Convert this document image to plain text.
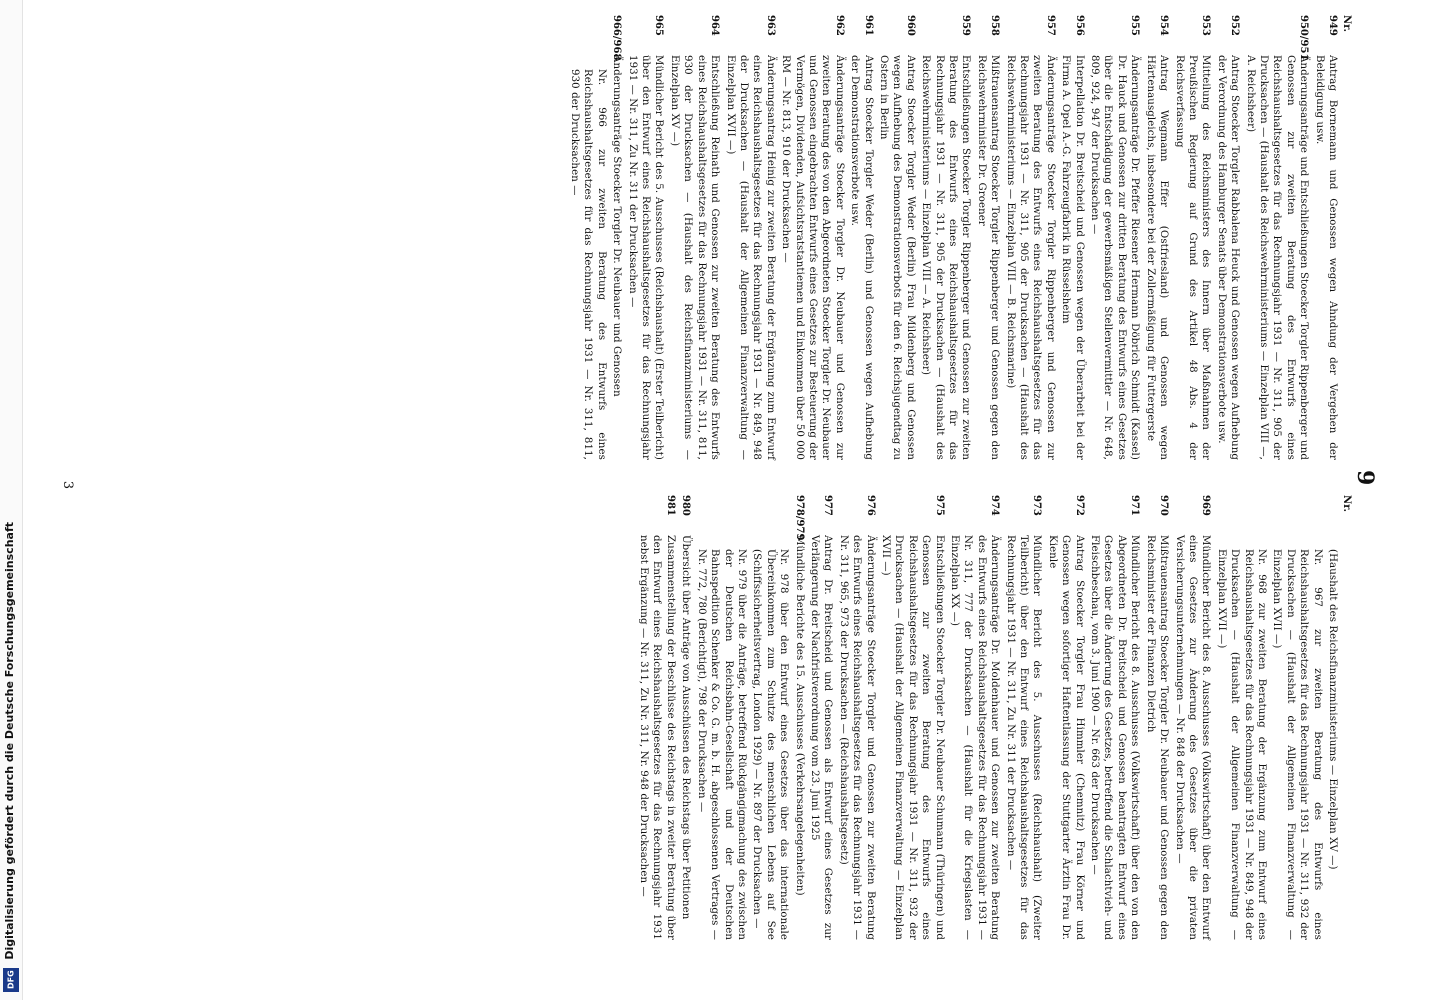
DFG
Digitalisierung gefördert durch die Deutsche Forschungsgemeinschaft
9
Nr.
949
Antrag Bornemann und Genossen wegen Ahndung der Vergehen der Beleidigung usw.
950/951
Änderungsanträge und Entschließungen Stoecker Torgler Rippenberger und Genossen zur zweiten Beratung des Entwurfs eines Reichshaushaltsgesetzes für das Rechnungsjahr 1931 — Nr. 311, 905 der Drucksachen — (Haushalt des Reichswehrministeriums — Einzelplan VIII —, A. Reichsheer)
952
Antrag Stoecker Torgler Rabbalena Heuck und Genossen wegen Aufhebung der Verordnung des Hamburger Senats über Demonstrationsverbote usw.
953
Mitteilung des Reichsministers des Innern über Maßnahmen der Preußischen Regierung auf Grund des Artikel 48 Abs. 4 der Reichsverfassung
954
Antrag Wegmann Effer (Ostfriesland) und Genossen wegen Härtenausgleichs, insbesondere bei der Zollermäßigung für Futtergerste
955
Änderungsanträge Dr. Pfeffer Riesener Hermann Döbrich Schmidt (Kassel) Dr. Hauck und Genossen zur dritten Beratung des Entwurfs eines Gesetzes über die Entschädigung der gewerbsmäßigen Stellenvermittler — Nr. 648, 809, 924, 947 der Drucksachen —
956
Interpellation Dr. Breitscheid und Genossen wegen der Überarbeit bei der Firma A. Opel A.-G. Fahrzeugfabrik in Rüsselsheim
957
Änderungsanträge Stoecker Torgler Rippenberger und Genossen zur zweiten Beratung des Entwurfs eines Reichshaushaltsgesetzes für das Rechnungsjahr 1931 — Nr. 311, 905 der Drucksachen — (Haushalt des Reichswehrministeriums — Einzelplan VIII — B. Reichsmarine)
958
Mißtrauensantrag Stoecker Torgler Rippenberger und Genossen gegen den Reichswehrminister Dr. Groener
959
Entschließungen Stoecker Torgler Rippenberger und Genossen zur zweiten Beratung des Entwurfs eines Reichshaushaltsgesetzes für das Rechnungsjahr 1931 — Nr. 311, 905 der Drucksachen — (Haushalt des Reichswehrministeriums — Einzelplan VIII — A. Reichsheer)
960
Antrag Stoecker Torgler Weder (Berlin) Frau Mildenberg und Genossen wegen Aufhebung des Demonstrationsverbots für den 6. Reichsjugendtag zu Ostern in Berlin
961
Antrag Stoecker Torgler Weder (Berlin) und Genossen wegen Aufhebung der Demonstrationsverbote usw.
962
Änderungsanträge Stoecker Torgler Dr. Neubauer und Genossen zur zweiten Beratung des von den Abgeordneten Stoecker Torgler Dr. Neubauer und Genossen eingebrachten Entwurfs eines Gesetzes zur Besteuerung der Vermögen, Dividenden, Aufsichtsratstantiemen und Einkommen über 50 000 RM — Nr. 813, 910 der Drucksachen —
963
Änderungsantrag Heinig zur zweiten Beratung der Ergänzung zum Entwurf eines Reichshaushaltsgesetzes für das Rechnungsjahr 1931 — Nr. 849, 948 der Drucksachen — (Haushalt der Allgemeinen Finanzverwaltung — Einzelplan XVII —)
964
Entschließung Reinath und Genossen zur zweiten Beratung des Entwurfs eines Reichshaushaltsgesetzes für das Rechnungsjahr 1931 — Nr. 311, 811, 930 der Drucksachen — (Haushalt des Reichsfinanzministeriums — Einzelplan XV —)
965
Mündlicher Bericht des 5. Ausschusses (Reichshaushalt) (Erster Teilbericht) über den Entwurf eines Reichshaushaltsgesetzes für das Rechnungsjahr 1931 — Nr. 311, Zu Nr. 311 der Drucksachen —
966/968
Änderungsanträge Stoecker Torgler Dr. Neubauer und Genossen
Nr. 966 zur zweiten Beratung des Entwurfs eines Reichshaushaltsgesetzes für das Rechnungsjahr 1931 — Nr. 311, 811, 930 der Drucksachen —
Nr.
(Haushalt des Reichsfinanzministeriums — Einzelplan XV —)
Nr. 967 zur zweiten Beratung des Entwurfs eines Reichshaushaltsgesetzes für das Rechnungsjahr 1931 — Nr. 311, 932 der Drucksachen — (Haushalt der Allgemeinen Finanzverwaltung — Einzelplan XVII —)
Nr. 968 zur zweiten Beratung der Ergänzung zum Entwurf eines Reichshaushaltsgesetzes für das Rechnungsjahr 1931 — Nr. 849, 948 der Drucksachen — (Haushalt der Allgemeinen Finanzverwaltung — Einzelplan XVII —)
969
Mündlicher Bericht des 8. Ausschusses (Volkswirtschaft) über den Entwurf eines Gesetzes zur Änderung des Gesetzes über die privaten Versicherungsunternehmungen — Nr. 848 der Drucksachen —
970
Mißtrauensantrag Stoecker Torgler Dr. Neubauer und Genossen gegen den Reichsminister der Finanzen Dietrich
971
Mündlicher Bericht des 8. Ausschusses (Volkswirtschaft) über den von den Abgeordneten Dr. Breitscheid und Genossen beantragten Entwurf eines Gesetzes über die Änderung des Gesetzes, betreffend die Schlachtvieh- und Fleischbeschau, vom 3. Juni 1900 — Nr. 663 der Drucksachen —
972
Antrag Stoecker Torgler Frau Himmler (Chemnitz) Frau Körner und Genossen wegen sofortiger Haftentlassung der Stuttgarter Ärztin Frau Dr. Kienle
973
Mündlicher Bericht des 5. Ausschusses (Reichshaushalt) (Zweiter Teilbericht) über den Entwurf eines Reichshaushaltsgesetzes für das Rechnungsjahr 1931 — Nr. 311, Zu Nr. 311 der Drucksachen —
974
Änderungsanträge Dr. Moldenhauer und Genossen zur zweiten Beratung des Entwurfs eines Reichshaushaltsgesetzes für das Rechnungsjahr 1931 — Nr. 311, 777 der Drucksachen — (Haushalt für die Kriegslasten — Einzelplan XX —)
975
Entschließungen Stoecker Torgler Dr. Neubauer Schumann (Thüringen) und Genossen zur zweiten Beratung des Entwurfs eines Reichshaushaltsgesetzes für das Rechnungsjahr 1931 — Nr. 311, 932 der Drucksachen — (Haushalt der Allgemeinen Finanzverwaltung — Einzelplan XVII —)
976
Änderungsanträge Stoecker Torgler und Genossen zur zweiten Beratung des Entwurfs eines Reichshaushaltsgesetzes für das Rechnungsjahr 1931 — Nr. 311, 965, 973 der Drucksachen — (Reichshaushaltsgesetz)
977
Antrag Dr. Breitscheid und Genossen als Entwurf eines Gesetzes zur Verlängerung der Nachfristverordnung vom 23. Juni 1925
978/979
Mündliche Berichte des 15. Ausschusses (Verkehrsangelegenheiten)
Nr. 978 über den Entwurf eines Gesetzes über das internationale Übereinkommen zum Schutze des menschlichen Lebens auf See (Schiffssicherheitsvertrag, London 1929) — Nr. 897 der Drucksachen —
Nr. 979 über die Anträge, betreffend Rückgängigmachung des zwischen der Deutschen Reichsbahn-Gesellschaft und der Deutschen Bahnspedition Schenker & Co. G. m. b. H. abgeschlossenen Vertrages — Nr. 772, 780 (Berichtigt), 798 der Drucksachen —
980
Übersicht über Anträge von Ausschüssen des Reichstags über Petitionen
981
Zusammenstellung der Beschlüsse des Reichstags in zweiter Beratung über den Entwurf eines Reichshaushaltsgesetzes für das Rechnungsjahr 1931 nebst Ergänzung — Nr. 311, Zu Nr. 311, Nr. 948 der Drucksachen —
3
